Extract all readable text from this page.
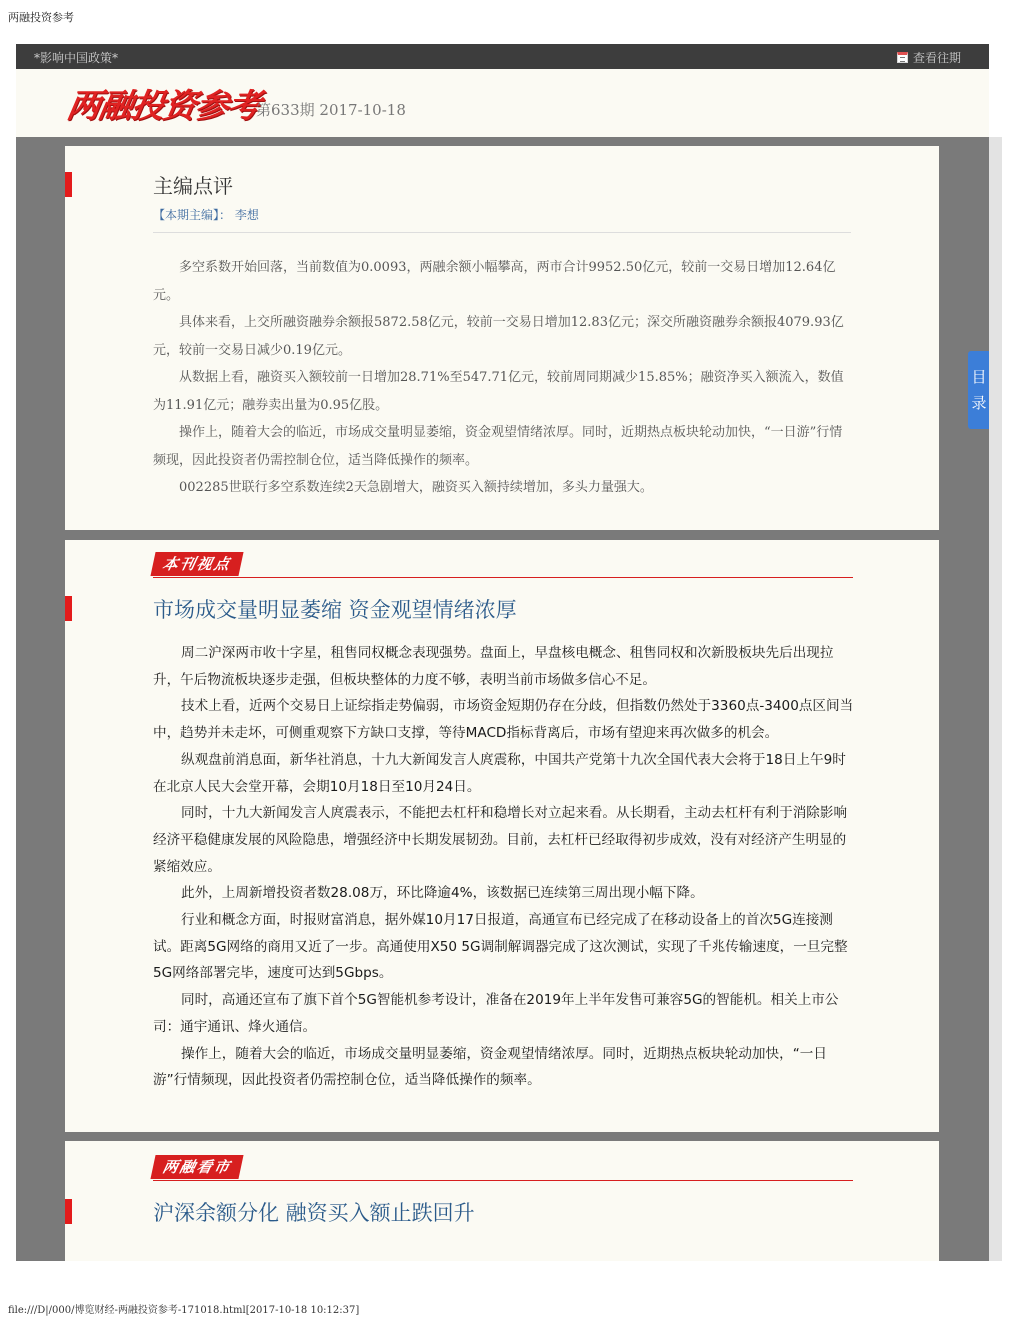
两融投资参考
*影响中国政策*	查看往期
两融投资参考
第633期 2017-10-18
主编点评
【本期主编】： 李想

多空系数开始回落，当前数值为0.0093，两融余额小幅攀高，两市合计9952.50亿元，较前一交易日增加12.64亿元。

具体来看，上交所融资融券余额报5872.58亿元，较前一交易日增加12.83亿元；深交所融资融券余额报4079.93亿元，较前一交易日减少0.19亿元。

从数据上看，融资买入额较前一日增加28.71%至547.71亿元，较前周同期减少15.85%；融资净买入额流入，数值为11.91亿元；融券卖出量为0.95亿股。

操作上，随着大会的临近，市场成交量明显萎缩，资金观望情绪浓厚。同时，近期热点板块轮动加快，“一日游”行情频现，因此投资者仍需控制仓位，适当降低操作的频率。

002285世联行多空系数连续2天急剧增大，融资买入额持续增加，多头力量强大。

本刊视点
市场成交量明显萎缩 资金观望情绪浓厚

周二沪深两市收十字星，租售同权概念表现强势。盘面上，早盘核电概念、租售同权和次新股板块先后出现拉升，午后物流板块逐步走强，但板块整体的力度不够，表明当前市场做多信心不足。

技术上看，近两个交易日上证综指走势偏弱，市场资金短期仍存在分歧，但指数仍然处于3360点-3400点区间当中，趋势并未走坏，可侧重观察下方缺口支撑，等待MACD指标背离后，市场有望迎来再次做多的机会。

纵观盘前消息面，新华社消息，十九大新闻发言人庹震称，中国共产党第十九次全国代表大会将于18日上午9时在北京人民大会堂开幕，会期10月18日至10月24日。

同时，十九大新闻发言人庹震表示，不能把去杠杆和稳增长对立起来看。从长期看，主动去杠杆有利于消除影响经济平稳健康发展的风险隐患，增强经济中长期发展韧劲。目前，去杠杆已经取得初步成效，没有对经济产生明显的紧缩效应。

此外，上周新增投资者数28.08万，环比降逾4%，该数据已连续第三周出现小幅下降。

行业和概念方面，时报财富消息，据外媒10月17日报道，高通宣布已经完成了在移动设备上的首次5G连接测试。距离5G网络的商用又近了一步。高通使用X50 5G调制解调器完成了这次测试，实现了千兆传输速度，一旦完整5G网络部署完毕，速度可达到5Gbps。

同时，高通还宣布了旗下首个5G智能机参考设计，准备在2019年上半年发售可兼容5G的智能机。相关上市公司：通宇通讯、烽火通信。

操作上，随着大会的临近，市场成交量明显萎缩，资金观望情绪浓厚。同时，近期热点板块轮动加快，“一日游”行情频现，因此投资者仍需控制仓位，适当降低操作的频率。

两融看市
沪深余额分化 融资买入额止跌回升
目录
file:///D|/000/博览财经-两融投资参考-171018.html[2017-10-18 10:12:37]
